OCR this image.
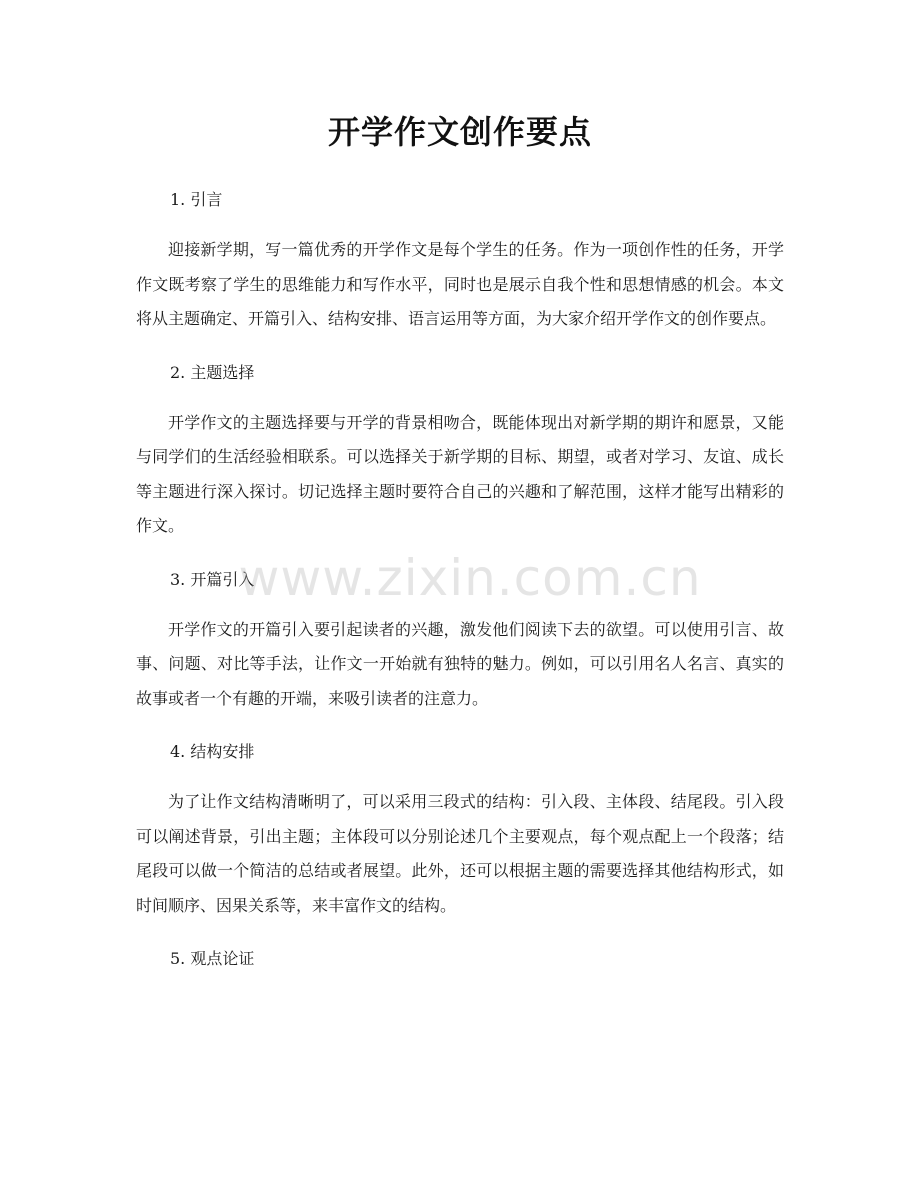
开学作文创作要点
1. 引言
迎接新学期，写一篇优秀的开学作文是每个学生的任务。作为一项创作性的任务，开学作文既考察了学生的思维能力和写作水平，同时也是展示自我个性和思想情感的机会。本文将从主题确定、开篇引入、结构安排、语言运用等方面，为大家介绍开学作文的创作要点。
2. 主题选择
开学作文的主题选择要与开学的背景相吻合，既能体现出对新学期的期许和愿景，又能与同学们的生活经验相联系。可以选择关于新学期的目标、期望，或者对学习、友谊、成长等主题进行深入探讨。切记选择主题时要符合自己的兴趣和了解范围，这样才能写出精彩的作文。
3. 开篇引入
开学作文的开篇引入要引起读者的兴趣，激发他们阅读下去的欲望。可以使用引言、故事、问题、对比等手法，让作文一开始就有独特的魅力。例如，可以引用名人名言、真实的故事或者一个有趣的开端，来吸引读者的注意力。
4. 结构安排
为了让作文结构清晰明了，可以采用三段式的结构：引入段、主体段、结尾段。引入段可以阐述背景，引出主题；主体段可以分别论述几个主要观点，每个观点配上一个段落；结尾段可以做一个简洁的总结或者展望。此外，还可以根据主题的需要选择其他结构形式，如时间顺序、因果关系等，来丰富作文的结构。
5. 观点论证
www.zixin.com.cn
